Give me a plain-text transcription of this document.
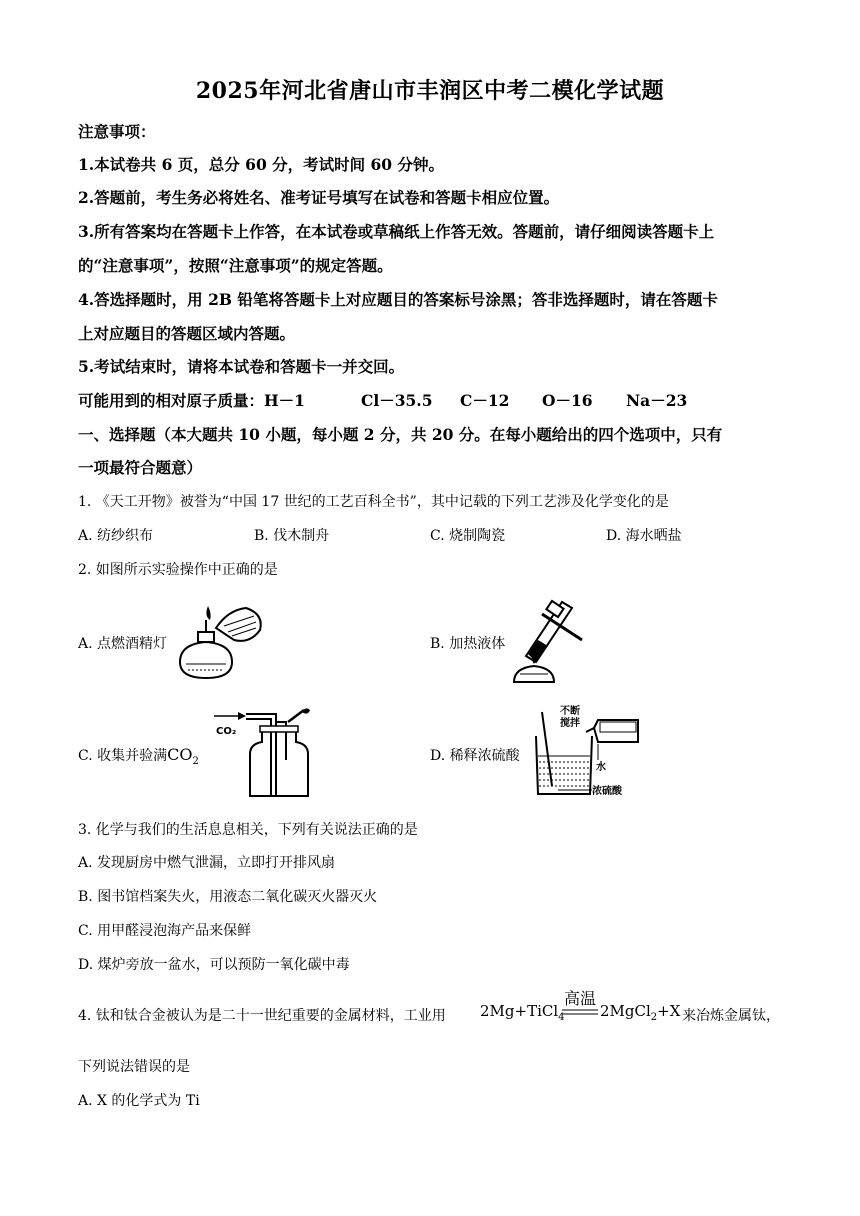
2025年河北省唐山市丰润区中考二模化学试题
注意事项：
1.本试卷共 6 页，总分 60 分，考试时间 60 分钟。
2.答题前，考生务必将姓名、准考证号填写在试卷和答题卡相应位置。
3.所有答案均在答题卡上作答，在本试卷或草稿纸上作答无效。答题前，请仔细阅读答题卡上
的“注意事项”，按照“注意事项”的规定答题。
4.答选择题时，用 2B 铅笔将答题卡上对应题目的答案标号涂黑；答非选择题时，请在答题卡
上对应题目的答题区域内答题。
5.考试结束时，请将本试卷和答题卡一并交回。
可能用到的相对原子质量：H－1	Cl－35.5 C－12 O－16 Na－23
一、选择题（本大题共 10 小题，每小题 2 分，共 20 分。在每小题给出的四个选项中，只有
一项最符合题意）
1. 《天工开物》被誉为“中国 17 世纪的工艺百科全书”，其中记载的下列工艺涉及化学变化的是
A. 纺纱织布	B. 伐木制舟	C. 烧制陶瓷	D. 海水晒盐
2. 如图所示实验操作中正确的是
A. 点燃酒精灯	B. 加热液体
C. 收集并验满$CO_2$
CO₂
D. 稀释浓硫酸
不断
搅拌
水
浓硫酸
3. 化学与我们的生活息息相关，下列有关说法正确的是
A. 发现厨房中燃气泄漏，立即打开排风扇
B. 图书馆档案失火，用液态二氧化碳灭火器灭火
C. 用甲醛浸泡海产品来保鲜
D. 煤炉旁放一盆水，可以预防一氧化碳中毒
4. 钛和钛合金被认为是二十一世纪重要的金属材料，工业用 2Mg+TiCl$_4$
高温
2MgCl$_2$+X 来冶炼金属钛，
下列说法错误的是
A. X 的化学式为 Ti
